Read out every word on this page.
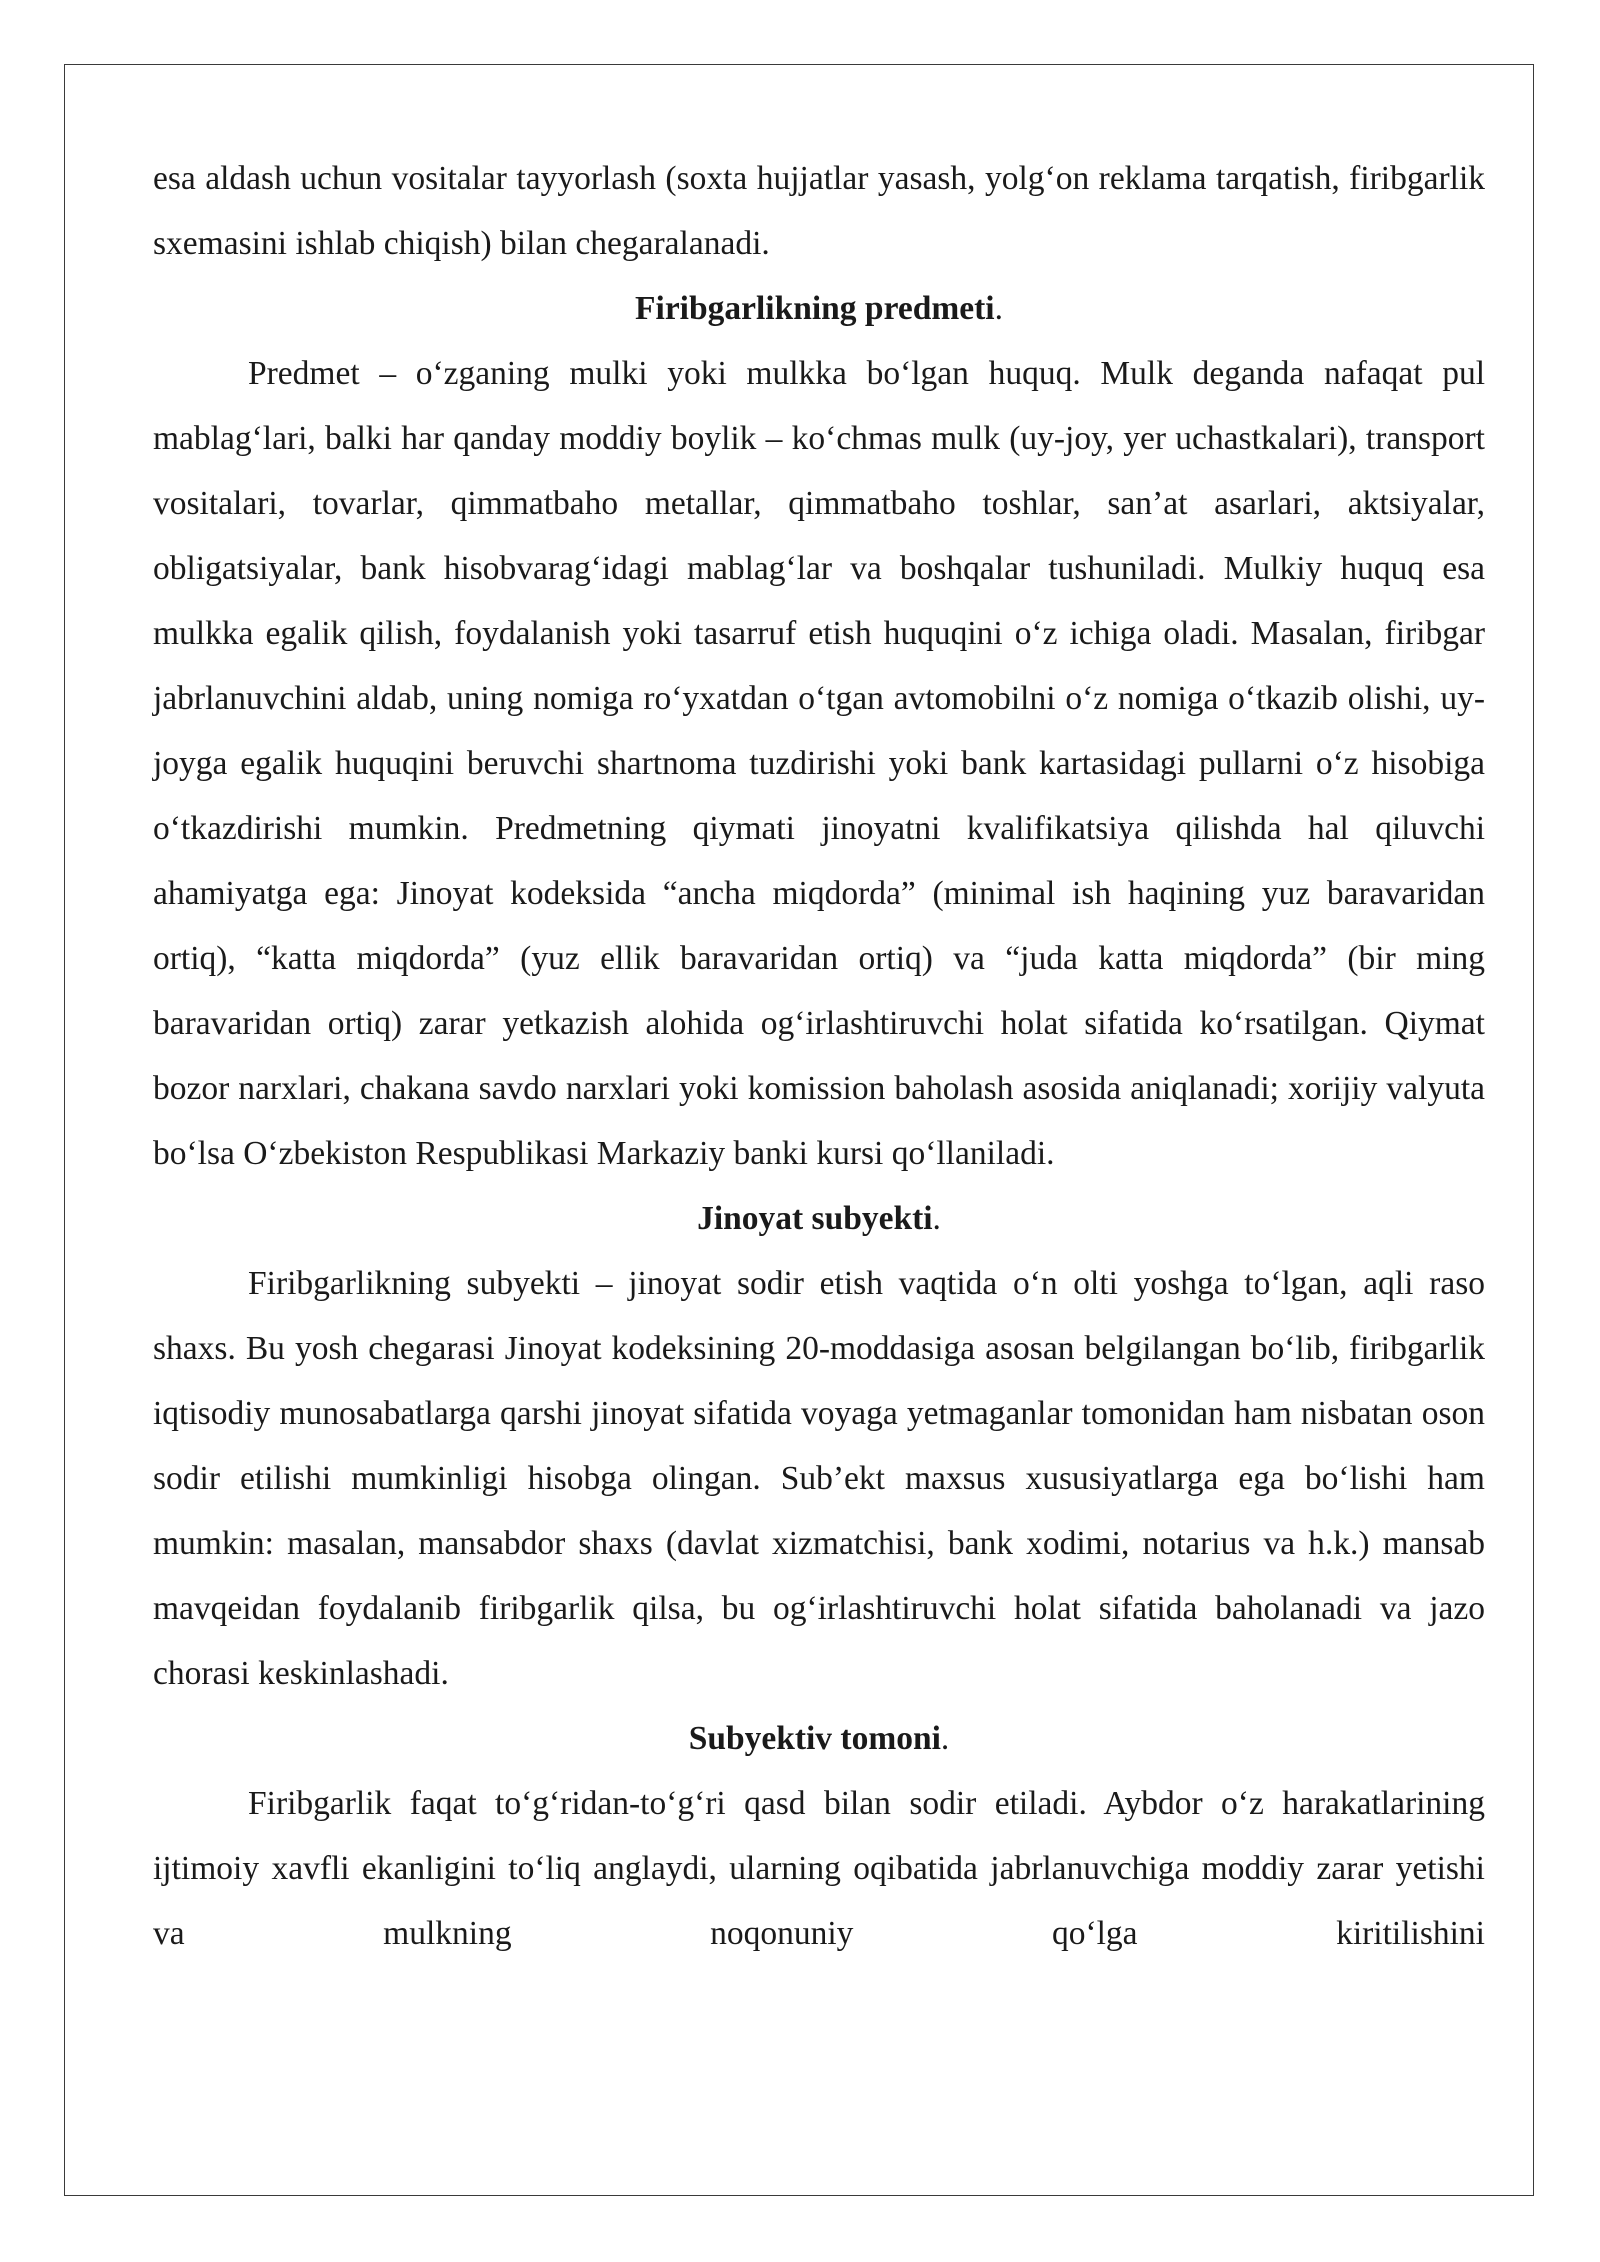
esa aldash uchun vositalar tayyorlash (soxta hujjatlar yasash, yolg‘on reklama tarqatish, firibgarlik sxemasini ishlab chiqish) bilan chegaralanadi.

Firibgarlikning predmeti.

Predmet – o‘zganing mulki yoki mulkka bo‘lgan huquq. Mulk deganda nafaqat pul mablag‘lari, balki har qanday moddiy boylik – ko‘chmas mulk (uy-joy, yer uchastkalari), transport vositalari, tovarlar, qimmatbaho metallar, qimmatbaho toshlar, san’at asarlari, aktsiyalar, obligatsiyalar, bank hisobvarag‘idagi mablag‘lar va boshqalar tushuniladi. Mulkiy huquq esa mulkka egalik qilish, foydalanish yoki tasarruf etish huquqini o‘z ichiga oladi. Masalan, firibgar jabrlanuvchini aldab, uning nomiga ro‘yxatdan o‘tgan avtomobilni o‘z nomiga o‘tkazib olishi, uy-joyga egalik huquqini beruvchi shartnoma tuzdirishi yoki bank kartasidagi pullarni o‘z hisobiga o‘tkazdirishi mumkin. Predmetning qiymati jinoyatni kvalifikatsiya qilishda hal qiluvchi ahamiyatga ega: Jinoyat kodeksida “ancha miqdorda” (minimal ish haqining yuz baravaridan ortiq), “katta miqdorda” (yuz ellik baravaridan ortiq) va “juda katta miqdorda” (bir ming baravaridan ortiq) zarar yetkazish alohida og‘irlashtiruvchi holat sifatida ko‘rsatilgan. Qiymat bozor narxlari, chakana savdo narxlari yoki komission baholash asosida aniqlanadi; xorijiy valyuta bo‘lsa O‘zbekiston Respublikasi Markaziy banki kursi qo‘llaniladi.

Jinoyat subyekti.

Firibgarlikning subyekti – jinoyat sodir etish vaqtida o‘n olti yoshga to‘lgan, aqli raso shaxs. Bu yosh chegarasi Jinoyat kodeksining 20-moddasiga asosan belgilangan bo‘lib, firibgarlik iqtisodiy munosabatlarga qarshi jinoyat sifatida voyaga yetmaganlar tomonidan ham nisbatan oson sodir etilishi mumkinligi hisobga olingan. Sub’ekt maxsus xususiyatlarga ega bo‘lishi ham mumkin: masalan, mansabdor shaxs (davlat xizmatchisi, bank xodimi, notarius va h.k.) mansab mavqeidan foydalanib firibgarlik qilsa, bu og‘irlashtiruvchi holat sifatida baholanadi va jazo chorasi keskinlashadi.

Subyektiv tomoni.

Firibgarlik faqat to‘g‘ridan-to‘g‘ri qasd bilan sodir etiladi. Aybdor o‘z harakatlarining ijtimoiy xavfli ekanligini to‘liq anglaydi, ularning oqibatida jabrlanuvchiga moddiy zarar yetishi va mulkning noqonuniy qo‘lga kiritilishini
